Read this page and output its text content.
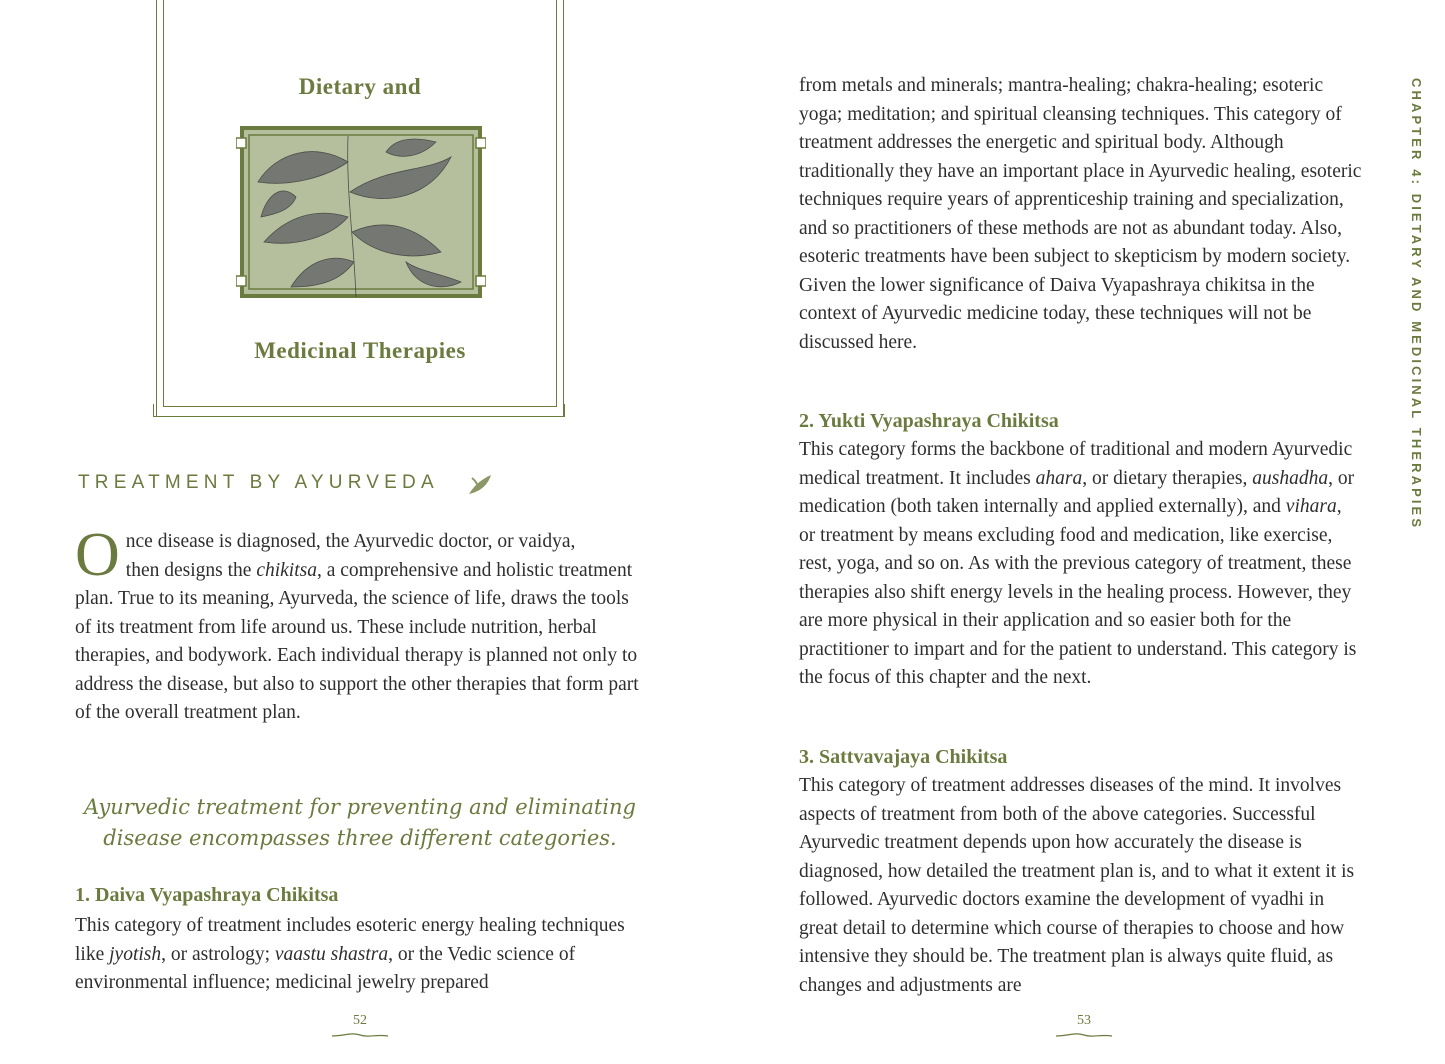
Dietary and
Medicinal Therapies
TREATMENT BY AYURVEDA
Once disease is diagnosed, the Ayurvedic doctor, or vaidya,
then designs the chikitsa, a comprehensive and holistic treatment plan. True to its meaning, Ayurveda, the science of life, draws the tools of its treatment from life around us. These include nutrition, herbal therapies, and bodywork. Each individual therapy is planned not only to address the disease, but also to support the other therapies that form part of the overall treatment plan.
Ayurvedic treatment for preventing and eliminating disease encompasses three different categories.
1. Daiva Vyapashraya Chikitsa
This category of treatment includes esoteric energy healing techniques like jyotish, or astrology; vaastu shastra, or the Vedic science of environmental influence; medicinal jewelry prepared
52
from metals and minerals; mantra-healing; chakra-healing; esoteric yoga; meditation; and spiritual cleansing techniques. This category of treatment addresses the energetic and spiritual body. Although traditionally they have an important place in Ayurvedic healing, esoteric techniques require years of apprenticeship training and specialization, and so practitioners of these methods are not as abundant today. Also, esoteric treatments have been subject to skepticism by modern society. Given the lower significance of Daiva Vyapashraya chikitsa in the context of Ayurvedic medicine today, these techniques will not be discussed here.
2. Yukti Vyapashraya Chikitsa
This category forms the backbone of traditional and modern Ayurvedic medical treatment. It includes ahara, or dietary therapies, aushadha, or medication (both taken internally and applied externally), and vihara, or treatment by means excluding food and medication, like exercise, rest, yoga, and so on. As with the previous category of treatment, these therapies also shift energy levels in the healing process. However, they are more physical in their application and so easier both for the practitioner to impart and for the patient to understand. This category is the focus of this chapter and the next.
3. Sattvavajaya Chikitsa
This category of treatment addresses diseases of the mind. It involves aspects of treatment from both of the above categories. Successful Ayurvedic treatment depends upon how accurately the disease is diagnosed, how detailed the treatment plan is, and to what it extent it is followed. Ayurvedic doctors examine the development of vyadhi in great detail to determine which course of therapies to choose and how intensive they should be. The treatment plan is always quite fluid, as changes and adjustments are
53
CHAPTER 4: DIETARY AND MEDICINAL THERAPIES
